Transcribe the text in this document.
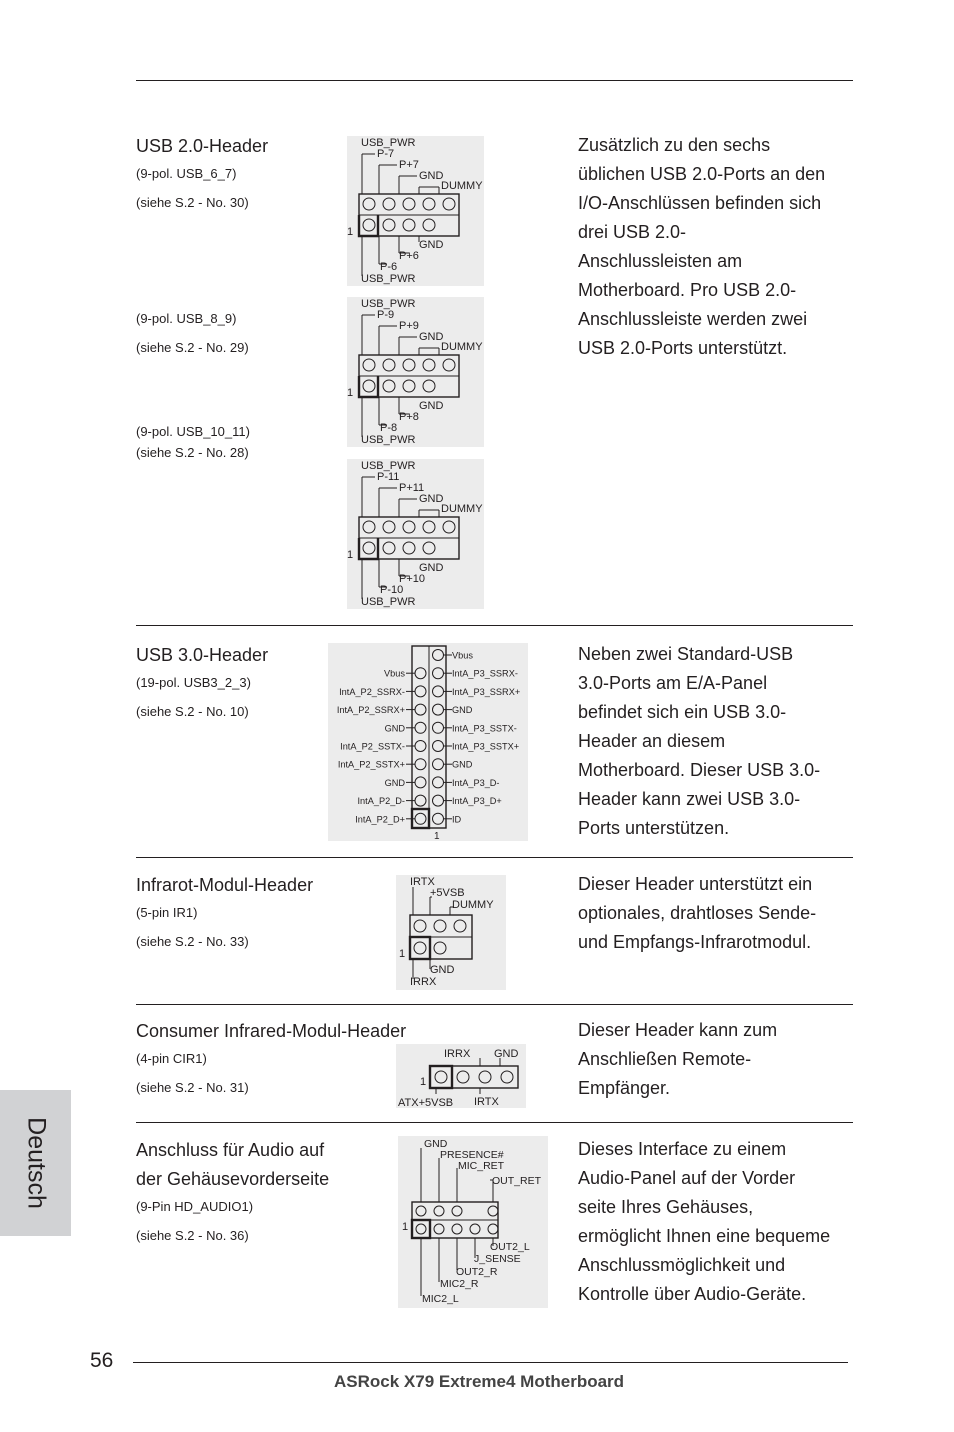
Deutsch
USB 2.0-Header
(9-pol. USB_6_7)
(siehe S.2 - No. 30)
(9-pol. USB_8_9)
(siehe S.2 - No. 29)
(9-pol. USB_10_11)
(siehe S.2 - No. 28)
Zusätzlich zu den sechs
üblichen USB 2.0-Ports an den
I/O-Anschlüssen befinden sich
drei USB 2.0-
Anschlussleisten am
Motherboard. Pro USB 2.0-
Anschlussleiste werden zwei
USB 2.0-Ports unterstützt.
USB_PWR
P-7
P+7
GND
DUMMY
1
GND
P+6
P-6
USB_PWR
USB_PWR
P-9
P+9
GND
DUMMY
1
GND
P+8
P-8
USB_PWR
USB_PWR
P-11
P+11
GND
DUMMY
1
GND
P+10
P-10
USB_PWR
USB 3.0-Header
(19-pol. USB3_2_3)
(siehe S.2 - No. 10)
Vbus
IntA_P3_SSRX-
IntA_P3_SSRX+
GND
IntA_P3_SSTX-
IntA_P3_SSTX+
GND
IntA_P3_D-
IntA_P3_D+
ID
Vbus
IntA_P2_SSRX-
IntA_P2_SSRX+
GND
IntA_P2_SSTX-
IntA_P2_SSTX+
GND
IntA_P2_D-
IntA_P2_D+
1
Neben zwei Standard-USB
3.0-Ports am E/A-Panel
befindet sich ein USB 3.0-
Header an diesem
Motherboard. Dieser USB 3.0-
Header kann zwei USB 3.0-
Ports unterstützen.
Infrarot-Modul-Header
(5-pin IR1)
(siehe S.2 - No. 33)
IRTX
+5VSB
DUMMY
1
GND
IRRX
Dieser Header unterstützt ein
optionales, drahtloses Sende-
und Empfangs-Infrarotmodul.
Consumer Infrared-Modul-Header
(4-pin CIR1)
(siehe S.2 - No. 31)
IRRX GND
1
ATX+5VSB IRTX
Dieser Header kann zum
Anschließen Remote-
Empfänger.
Anschluss für Audio auf
der Gehäusevorderseite
(9-Pin HD_AUDIO1)
(siehe S.2 - No. 36)
GND
PRESENCE#
MIC_RET
OUT_RET
1
OUT2_L
J_SENSE
OUT2_R
MIC2_R
MIC2_L
Dieses Interface zu einem
Audio-Panel auf der Vorder
seite Ihres Gehäuses,
ermöglicht Ihnen eine bequeme
Anschlussmöglichkeit und
Kontrolle über Audio-Geräte.
56
ASRock X79 Extreme4 Motherboard
